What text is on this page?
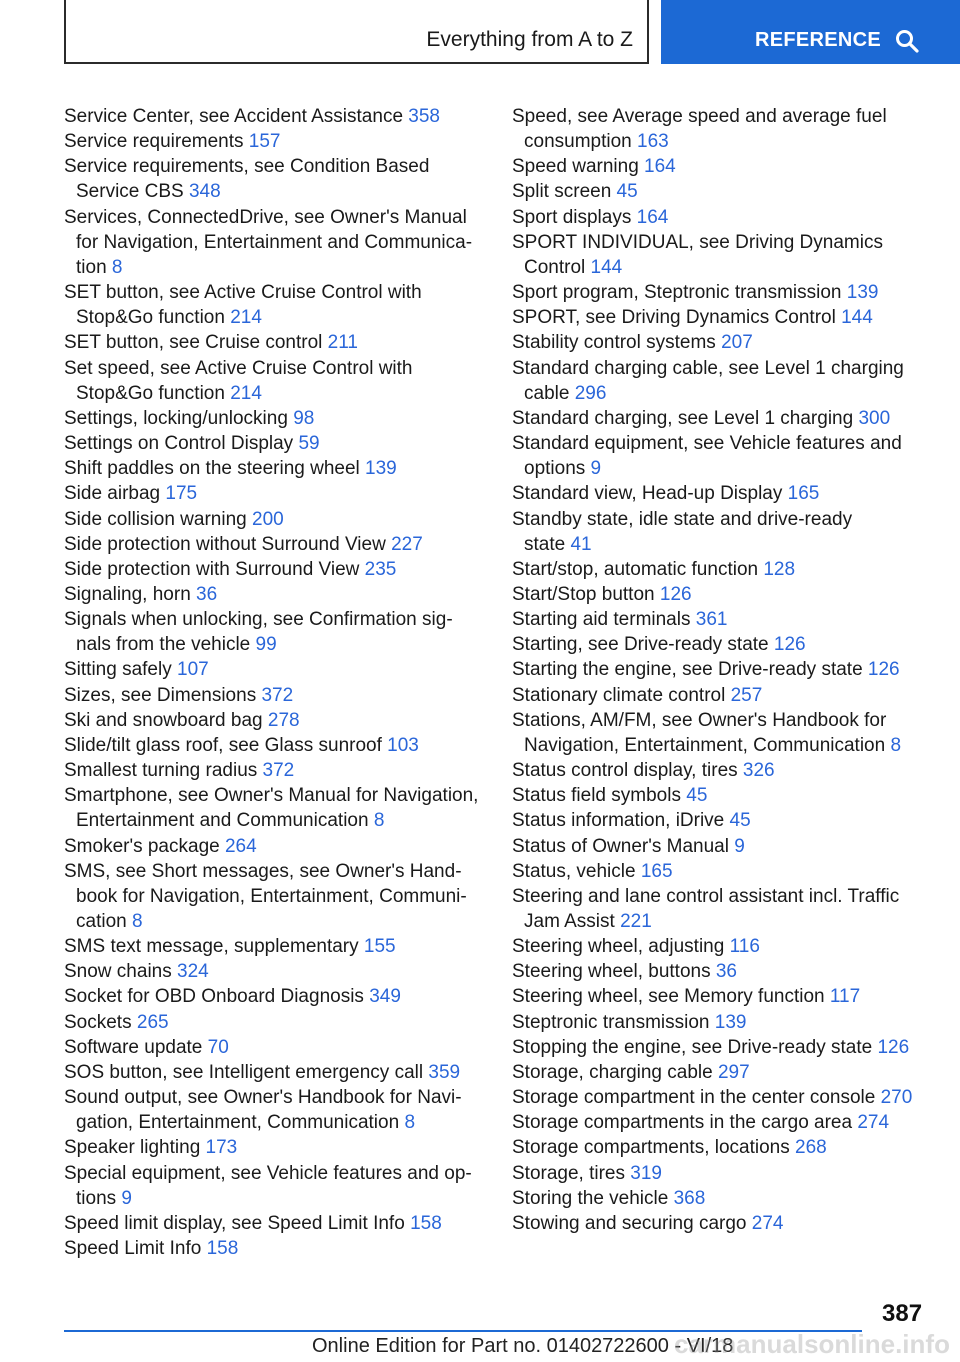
Everything from A to Z	REFERENCE
Service Center, see Accident Assistance 358
Service requirements 157
Service requirements, see Condition Based
Service CBS 348
Services, ConnectedDrive, see Owner's Manual
for Navigation, Entertainment and Communica-
tion 8
SET button, see Active Cruise Control with
Stop&Go function 214
SET button, see Cruise control 211
Set speed, see Active Cruise Control with
Stop&Go function 214
Settings, locking/unlocking 98
Settings on Control Display 59
Shift paddles on the steering wheel 139
Side airbag 175
Side collision warning 200
Side protection without Surround View 227
Side protection with Surround View 235
Signaling, horn 36
Signals when unlocking, see Confirmation sig-
nals from the vehicle 99
Sitting safely 107
Sizes, see Dimensions 372
Ski and snowboard bag 278
Slide/tilt glass roof, see Glass sunroof 103
Smallest turning radius 372
Smartphone, see Owner's Manual for Navigation,
Entertainment and Communication 8
Smoker's package 264
SMS, see Short messages, see Owner's Hand-
book for Navigation, Entertainment, Communi-
cation 8
SMS text message, supplementary 155
Snow chains 324
Socket for OBD Onboard Diagnosis 349
Sockets 265
Software update 70
SOS button, see Intelligent emergency call 359
Sound output, see Owner's Handbook for Navi-
gation, Entertainment, Communication 8
Speaker lighting 173
Special equipment, see Vehicle features and op-
tions 9
Speed limit display, see Speed Limit Info 158
Speed Limit Info 158
Speed, see Average speed and average fuel
consumption 163
Speed warning 164
Split screen 45
Sport displays 164
SPORT INDIVIDUAL, see Driving Dynamics
Control 144
Sport program, Steptronic transmission 139
SPORT, see Driving Dynamics Control 144
Stability control systems 207
Standard charging cable, see Level 1 charging
cable 296
Standard charging, see Level 1 charging 300
Standard equipment, see Vehicle features and
options 9
Standard view, Head-up Display 165
Standby state, idle state and drive-ready
state 41
Start/stop, automatic function 128
Start/Stop button 126
Starting aid terminals 361
Starting, see Drive-ready state 126
Starting the engine, see Drive-ready state 126
Stationary climate control 257
Stations, AM/FM, see Owner's Handbook for
Navigation, Entertainment, Communication 8
Status control display, tires 326
Status field symbols 45
Status information, iDrive 45
Status of Owner's Manual 9
Status, vehicle 165
Steering and lane control assistant incl. Traffic
Jam Assist 221
Steering wheel, adjusting 116
Steering wheel, buttons 36
Steering wheel, see Memory function 117
Steptronic transmission 139
Stopping the engine, see Drive-ready state 126
Storage, charging cable 297
Storage compartment in the center console 270
Storage compartments in the cargo area 274
Storage compartments, locations 268
Storage, tires 319
Storing the vehicle 368
Stowing and securing cargo 274
387
Online Edition for Part no. 01402722600 - VI/18
carmanualsonline.info
